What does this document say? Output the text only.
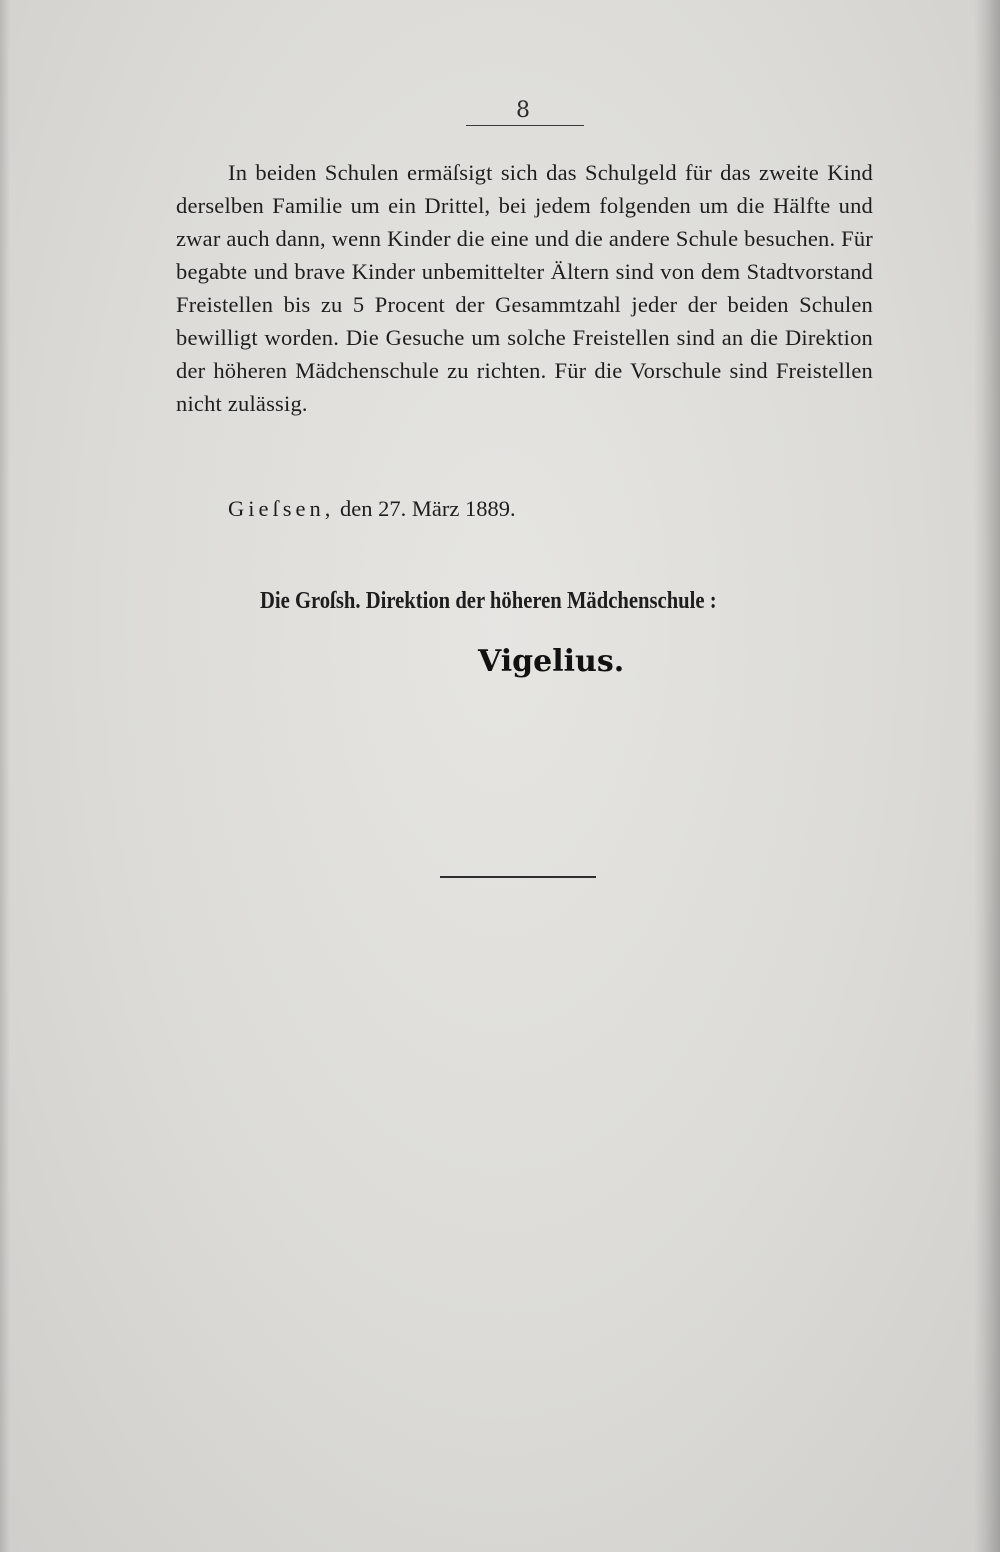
8

In beiden Schulen ermäſsigt sich das Schulgeld für das zweite Kind derselben Familie um ein Drittel, bei jedem folgenden um die Hälfte und zwar auch dann, wenn Kinder die eine und die andere Schule besuchen. Für begabte und brave Kinder unbemittelter Ältern sind von dem Stadtvorstand Freistellen bis zu 5 Procent der Gesammtzahl jeder der beiden Schulen bewilligt worden. Die Gesuche um solche Freistellen sind an die Direktion der höheren Mädchenschule zu richten. Für die Vorschule sind Freistellen nicht zulässig.

Gieſsen, den 27. März 1889.
Die Groſsh. Direktion der höheren Mädchenschule :
Vigelius.
